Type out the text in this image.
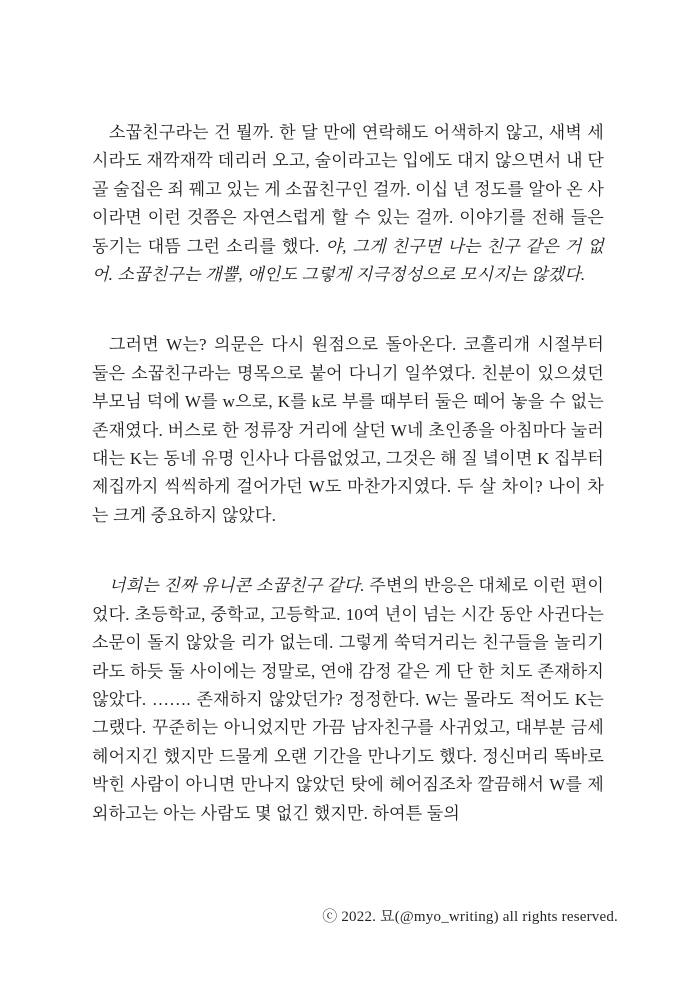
소꿉친구라는 건 뭘까. 한 달 만에 연락해도 어색하지 않고, 새벽 세 시라도 재깍재깍 데리러 오고, 술이라고는 입에도 대지 않으면서 내 단골 술집은 죄 꿰고 있는 게 소꿉친구인 걸까. 이십 년 정도를 알아 온 사이라면 이런 것쯤은 자연스럽게 할 수 있는 걸까. 이야기를 전해 들은 동기는 대뜸 그런 소리를 했다. 야, 그게 친구면 나는 친구 같은 거 없어. 소꿉친구는 개뿔, 애인도 그렇게 지극정성으로 모시지는 않겠다.

그러면 W는? 의문은 다시 원점으로 돌아온다. 코흘리개 시절부터 둘은 소꿉친구라는 명목으로 붙어 다니기 일쑤였다. 친분이 있으셨던 부모님 덕에 W를 w으로, K를 k로 부를 때부터 둘은 떼어 놓을 수 없는 존재였다. 버스로 한 정류장 거리에 살던 W네 초인종을 아침마다 눌러 대는 K는 동네 유명 인사나 다름없었고, 그것은 해 질 녘이면 K 집부터 제집까지 씩씩하게 걸어가던 W도 마찬가지였다. 두 살 차이? 나이 차는 크게 중요하지 않았다.

너희는 진짜 유니콘 소꿉친구 같다. 주변의 반응은 대체로 이런 편이었다. 초등학교, 중학교, 고등학교. 10여 년이 넘는 시간 동안 사귄다는 소문이 돌지 않았을 리가 없는데. 그렇게 쑥덕거리는 친구들을 놀리기라도 하듯 둘 사이에는 정말로, 연애 감정 같은 게 단 한 치도 존재하지 않았다. ……. 존재하지 않았던가? 정정한다. W는 몰라도 적어도 K는 그랬다. 꾸준히는 아니었지만 가끔 남자친구를 사귀었고, 대부분 금세 헤어지긴 했지만 드물게 오랜 기간을 만나기도 했다. 정신머리 똑바로 박힌 사람이 아니면 만나지 않았던 탓에 헤어짐조차 깔끔해서 W를 제외하고는 아는 사람도 몇 없긴 했지만. 하여튼 둘의

ⓒ 2022. 묘(@myo_writing) all rights reserved.
